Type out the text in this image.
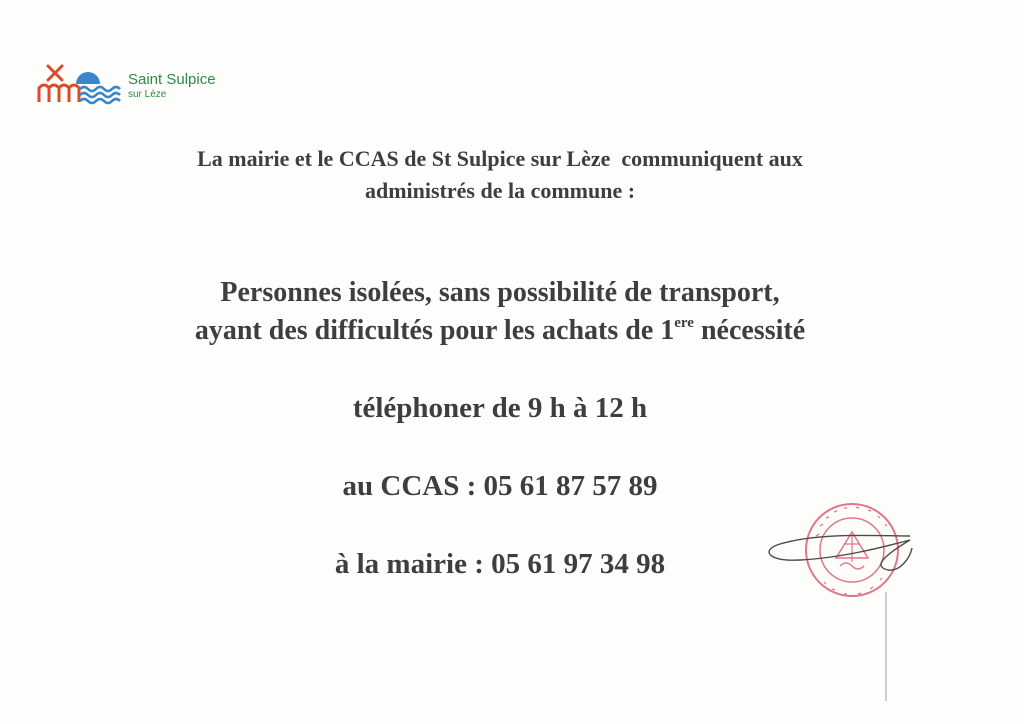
Saint Sulpice
sur Lèze
La mairie et le CCAS de St Sulpice sur Lèze  communiquent aux
administrés de la commune :
Personnes isolées, sans possibilité de transport,
ayant des difficultés pour les achats de 1ere nécessité
téléphoner de 9 h à 12 h
au CCAS : 05 61 87 57 89
à la mairie : 05 61 97 34 98
